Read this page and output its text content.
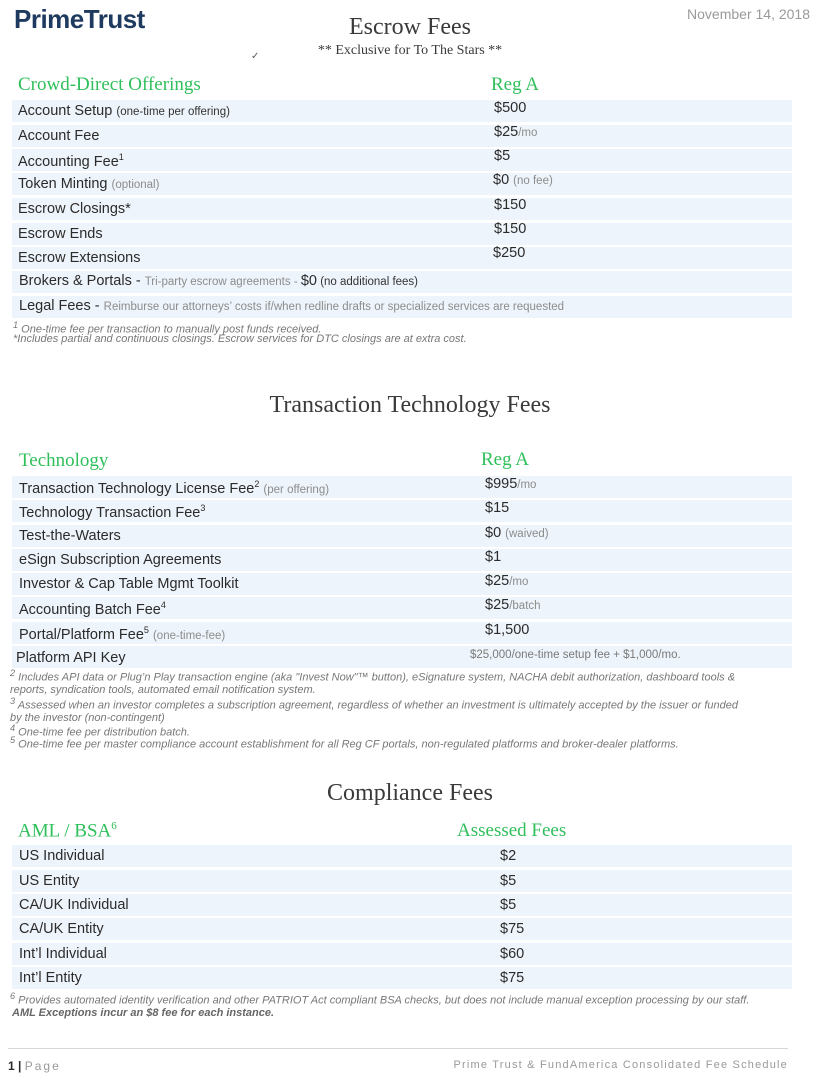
PrimeTrust	November 14, 2018
Escrow Fees
** Exclusive for To The Stars **
✓
Crowd-Direct Offerings	Reg A
Account Setup (one-time per offering)	$500
Account Fee	$25/mo
Accounting Fee$^1$	$5
Token Minting (optional)	$0 (no fee)
Escrow Closings*	$150
Escrow Ends	$150
Escrow Extensions	$250
Brokers & Portals - Tri-party escrow agreements - $0 (no additional fees)
Legal Fees - Reimburse our attorneys’ costs if/when redline drafts or specialized services are requested
$^1$ One-time fee per transaction to manually post funds received.
*Includes partial and continuous closings. Escrow services for DTC closings are at extra cost.
Transaction Technology Fees
Technology	Reg A
Transaction Technology License Fee$^2$ (per offering)	$995/mo
Technology Transaction Fee$^3$	$15
Test-the-Waters	$0 (waived)
eSign Subscription Agreements	$1
Investor & Cap Table Mgmt Toolkit	$25/mo
Accounting Batch Fee$^4$	$25/batch
Portal/Platform Fee$^5$ (one-time-fee)	$1,500
Platform API Key	$25,000/one-time setup fee + $1,000/mo.
$^2$ Includes API data or Plug’n Play transaction engine (aka "Invest Now"™ button), eSignature system, NACHA debit authorization, dashboard tools & reports, syndication tools, automated email notification system.
$^3$ Assessed when an investor completes a subscription agreement, regardless of whether an investment is ultimately accepted by the issuer or funded by the investor (non-contingent)
$^4$ One-time fee per distribution batch.
$^5$ One-time fee per master compliance account establishment for all Reg CF portals, non-regulated platforms and broker-dealer platforms.
Compliance Fees
AML / BSA$^6$	Assessed Fees
US Individual	$2
US Entity	$5
CA/UK Individual	$5
CA/UK Entity	$75
Int’l Individual	$60
Int’l Entity	$75
$^6$ Provides automated identity verification and other PATRIOT Act compliant BSA checks, but does not include manual exception processing by our staff.
AML Exceptions incur an $8 fee for each instance.
1 | Page	Prime Trust & FundAmerica Consolidated Fee Schedule
